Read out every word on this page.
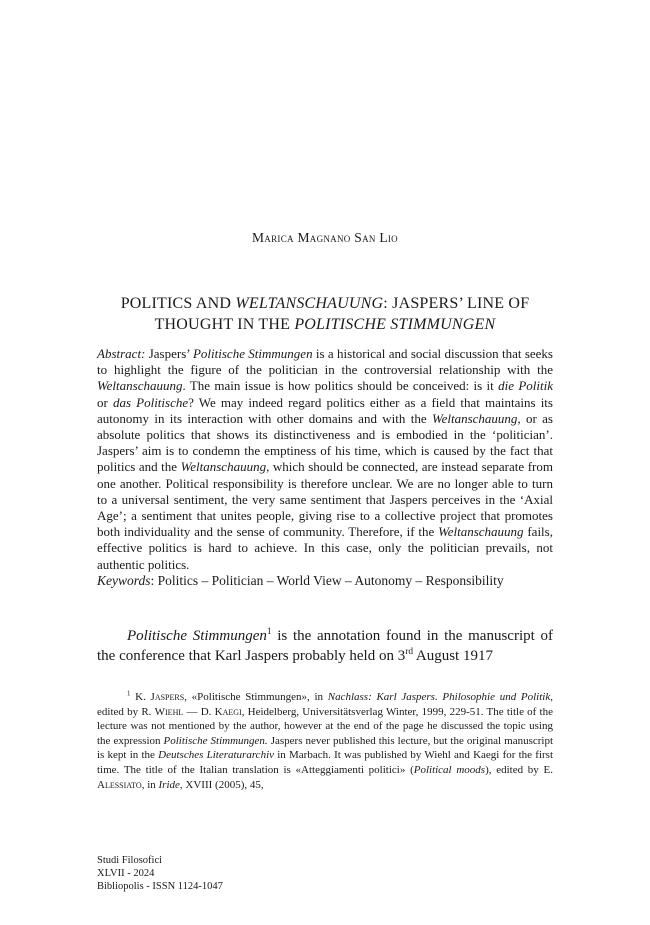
Marica Magnano San Lio
POLITICS AND WELTANSCHAUUNG: JASPERS’ LINE OF
THOUGHT IN THE POLITISCHE STIMMUNGEN

Abstract: Jaspers’ Politische Stimmungen is a historical and social discussion that seeks to highlight the figure of the politician in the controversial relationship with the Weltanschauung. The main issue is how politics should be conceived: is it die Politik or das Politische? We may indeed regard politics either as a field that maintains its autonomy in its interaction with other domains and with the Weltanschauung, or as absolute politics that shows its distinctiveness and is embodied in the ‘politician’. Jaspers’ aim is to condemn the emptiness of his time, which is caused by the fact that politics and the Weltanschauung, which should be connected, are instead separate from one another. Political responsibility is therefore unclear. We are no longer able to turn to a universal sentiment, the very same sentiment that Jaspers perceives in the ‘Axial Age’; a sentiment that unites people, giving rise to a collective project that promotes both individuality and the sense of community. Therefore, if the Weltanschauung fails, effective politics is hard to achieve. In this case, only the politician prevails, not authentic politics.

Keywords: Politics – Politician – World View – Autonomy – Responsibility

Politische Stimmungen$^1$ is the annotation found in the manuscript of the conference that Karl Jaspers probably held on 3rd August 1917

$^1$ K. Jaspers, «Politische Stimmungen», in Nachlass: Karl Jaspers. Philosophie und Politik, edited by R. Wiehl — D. Kaegi, Heidelberg, Universitätsverlag Winter, 1999, 229-51. The title of the lecture was not mentioned by the author, however at the end of the page he discussed the topic using the expression Politische Stimmungen. Jaspers never published this lecture, but the original manuscript is kept in the Deutsches Literaturarchiv in Marbach. It was published by Wiehl and Kaegi for the first time. The title of the Italian translation is «Atteggiamenti politici» (Political moods), edited by E. Alessiato, in Iride, XVIII (2005), 45,

Studi Filosofici
XLVII - 2024
Bibliopolis - ISSN 1124-1047
